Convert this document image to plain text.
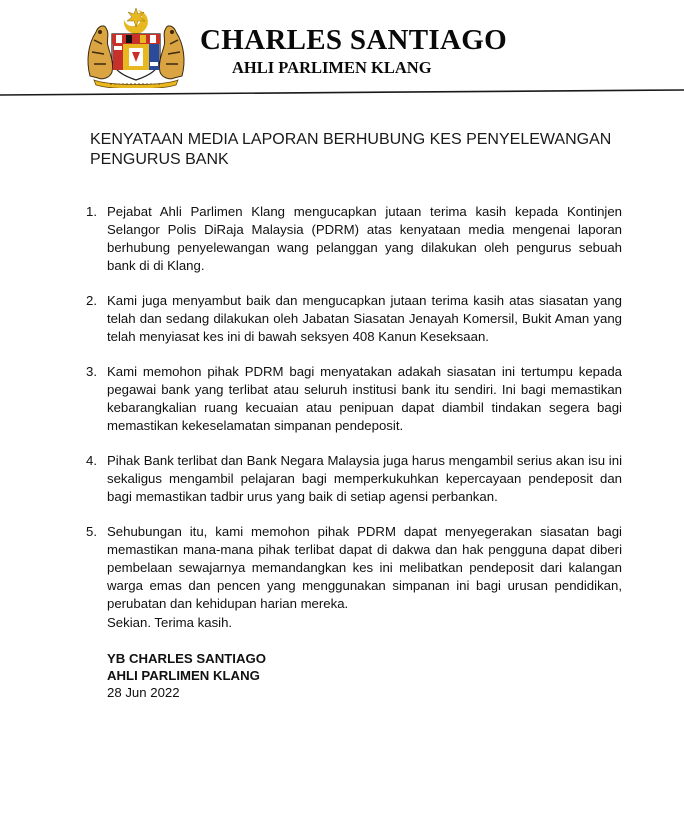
CHARLES SANTIAGO
AHLI PARLIMEN KLANG
KENYATAAN MEDIA LAPORAN BERHUBUNG KES PENYELEWANGAN PENGURUS BANK
1. Pejabat Ahli Parlimen Klang mengucapkan jutaan terima kasih kepada Kontinjen Selangor Polis DiRaja Malaysia (PDRM) atas kenyataan media mengenai laporan berhubung penyelewangan wang pelanggan yang dilakukan oleh pengurus sebuah bank di di Klang.
2. Kami juga menyambut baik dan mengucapkan jutaan terima kasih atas siasatan yang telah dan sedang dilakukan oleh Jabatan Siasatan Jenayah Komersil, Bukit Aman yang telah menyiasat kes ini di bawah seksyen 408 Kanun Keseksaan.
3. Kami memohon pihak PDRM bagi menyatakan adakah siasatan ini tertumpu kepada pegawai bank yang terlibat atau seluruh institusi bank itu sendiri. Ini bagi memastikan kebarangkalian ruang kecuaian atau penipuan dapat diambil tindakan segera bagi memastikan kekeselamatan simpanan pendeposit.
4. Pihak Bank terlibat dan Bank Negara Malaysia juga harus mengambil serius akan isu ini sekaligus mengambil pelajaran bagi memperkukuhkan kepercayaan pendeposit dan bagi memastikan tadbir urus yang baik di setiap agensi perbankan.
5. Sehubungan itu, kami memohon pihak PDRM dapat menyegerakan siasatan bagi memastikan mana-mana pihak terlibat dapat di dakwa dan hak pengguna dapat diberi pembelaan sewajarnya memandangkan kes ini melibatkan pendeposit dari kalangan warga emas dan pencen yang menggunakan simpanan ini bagi urusan pendidikan, perubatan dan kehidupan harian mereka.
Sekian. Terima kasih.
YB CHARLES SANTIAGO
AHLI PARLIMEN KLANG
28 Jun 2022
